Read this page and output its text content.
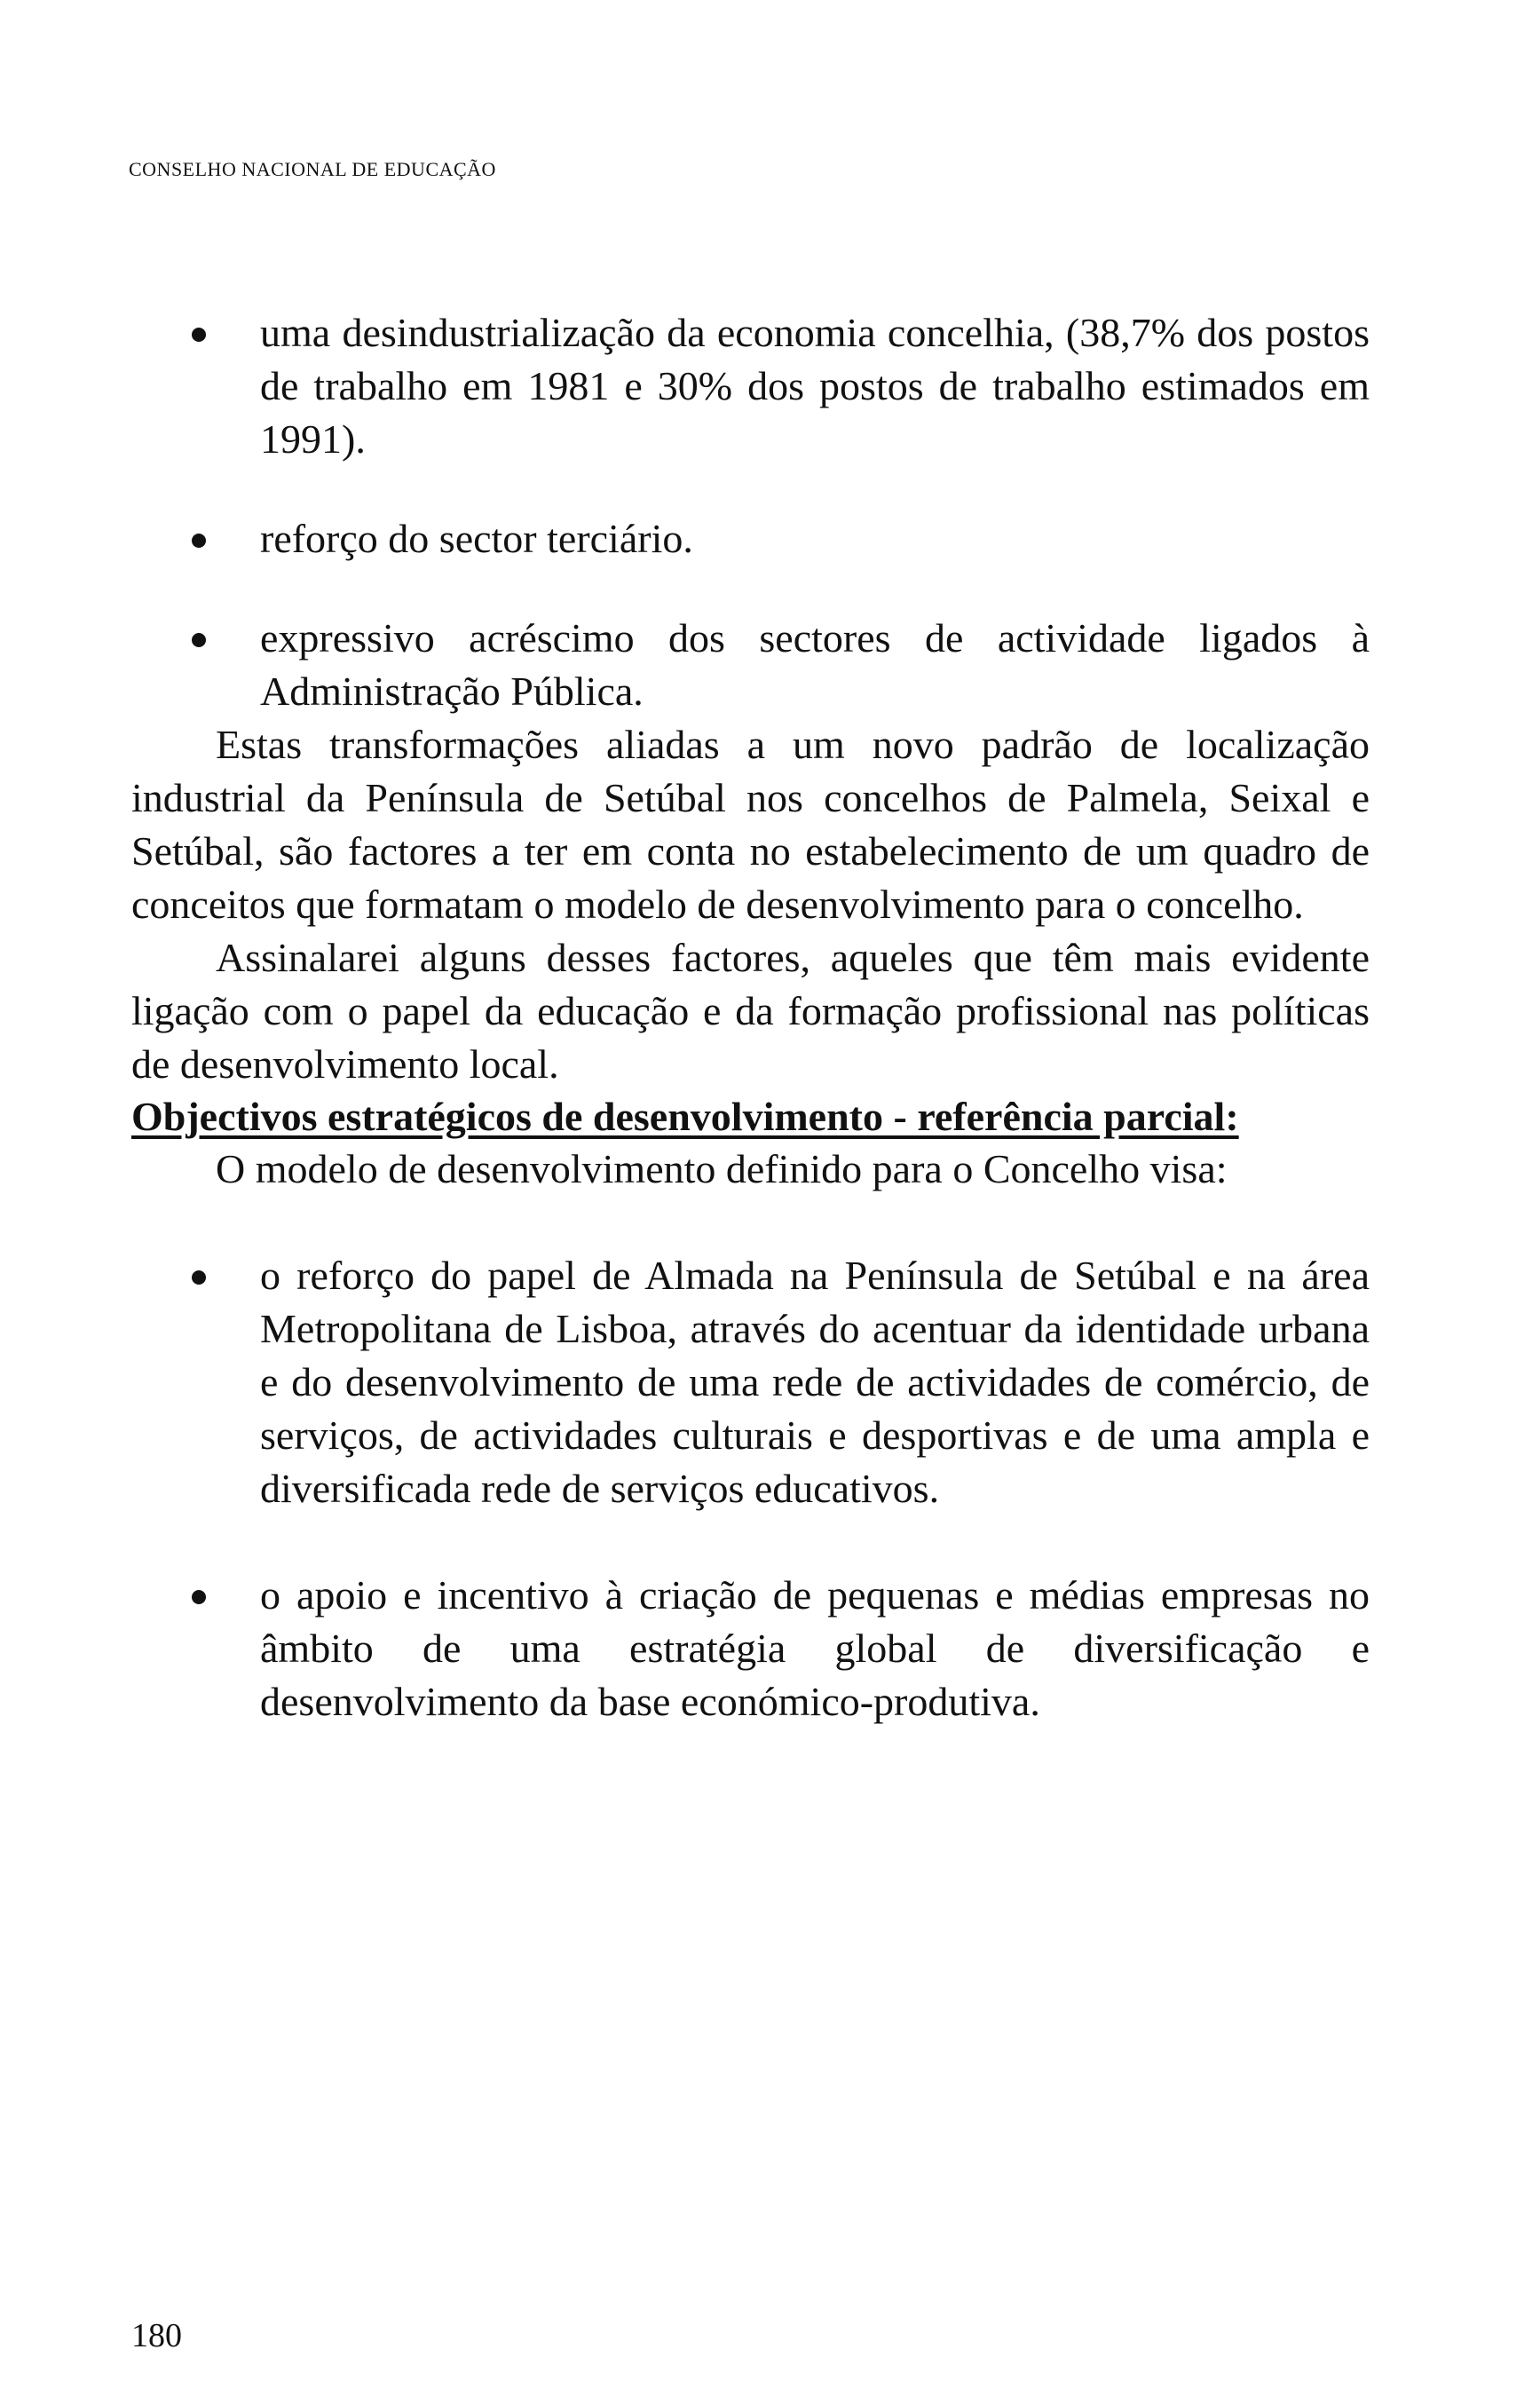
CONSELHO NACIONAL DE EDUCAÇÃO
uma desindustrialização da economia concelhia, (38,7% dos postos de trabalho em 1981 e 30% dos postos de trabalho estimados em 1991).
reforço do sector terciário.
expressivo acréscimo dos sectores de actividade ligados à Administração Pública.

Estas transformações aliadas a um novo padrão de localização industrial da Península de Setúbal nos concelhos de Palmela, Seixal e Setúbal, são factores a ter em conta no estabelecimento de um quadro de conceitos que formatam o modelo de desenvolvimento para o concelho.

Assinalarei alguns desses factores, aqueles que têm mais evidente ligação com o papel da educação e da formação profissional nas políticas de desenvolvimento local.

Objectivos estratégicos de desenvolvimento - referência parcial:

O modelo de desenvolvimento definido para o Concelho visa:

o reforço do papel de Almada na Península de Setúbal e na área Metropolitana de Lisboa, através do acentuar da identidade urbana e do desenvolvimento de uma rede de actividades de comércio, de serviços, de actividades culturais e desportivas e de uma ampla e diversificada rede de serviços educativos.
o apoio e incentivo à criação de pequenas e médias empresas no âmbito de uma estratégia global de diversificação e desenvolvimento da base económico-produtiva.
180
